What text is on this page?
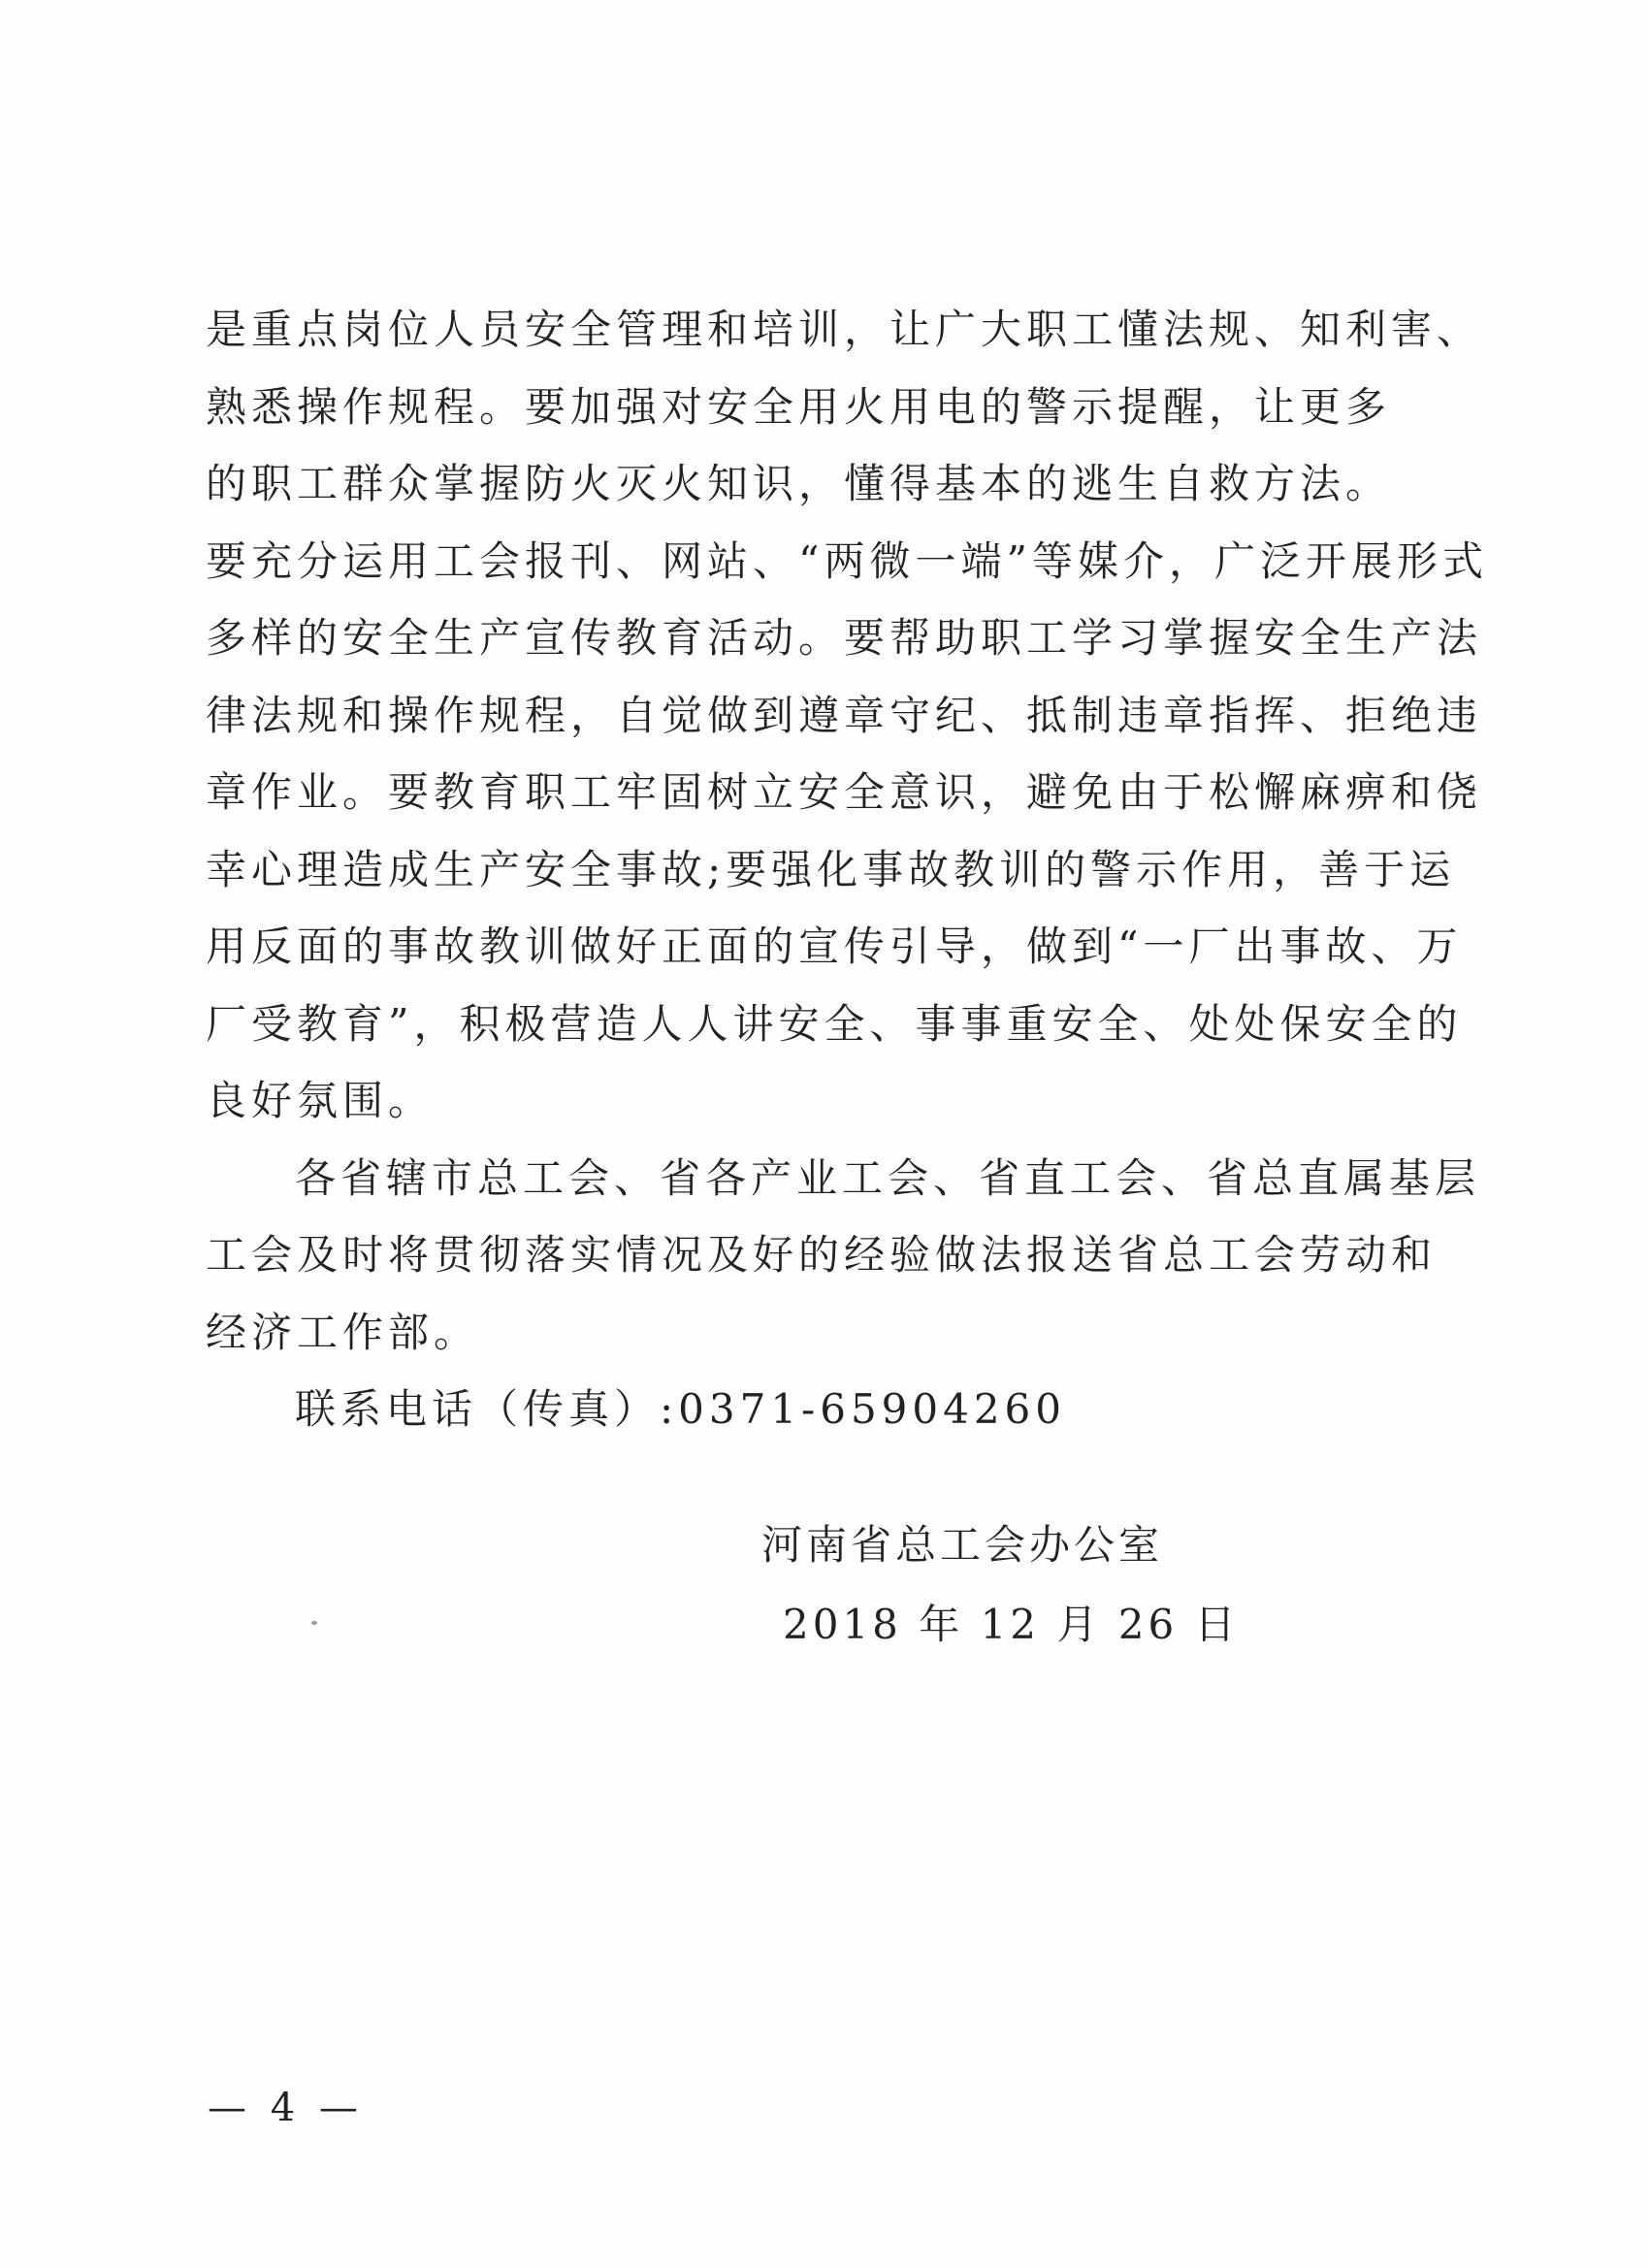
是重点岗位人员安全管理和培训，让广大职工懂法规、知利害、
熟悉操作规程。要加强对安全用火用电的警示提醒，让更多
的职工群众掌握防火灭火知识，懂得基本的逃生自救方法。
要充分运用工会报刊、网站、“两微一端”等媒介，广泛开展形式
多样的安全生产宣传教育活动。要帮助职工学习掌握安全生产法
律法规和操作规程，自觉做到遵章守纪、抵制违章指挥、拒绝违
章作业。要教育职工牢固树立安全意识，避免由于松懈麻痹和侥
幸心理造成生产安全事故;要强化事故教训的警示作用，善于运
用反面的事故教训做好正面的宣传引导，做到“一厂出事故、万
厂受教育”，积极营造人人讲安全、事事重安全、处处保安全的
良好氛围。
各省辖市总工会、省各产业工会、省直工会、省总直属基层
工会及时将贯彻落实情况及好的经验做法报送省总工会劳动和
经济工作部。
联系电话（传真）:0371-65904260
河南省总工会办公室
2018 年 12 月 26 日
— 4 —
